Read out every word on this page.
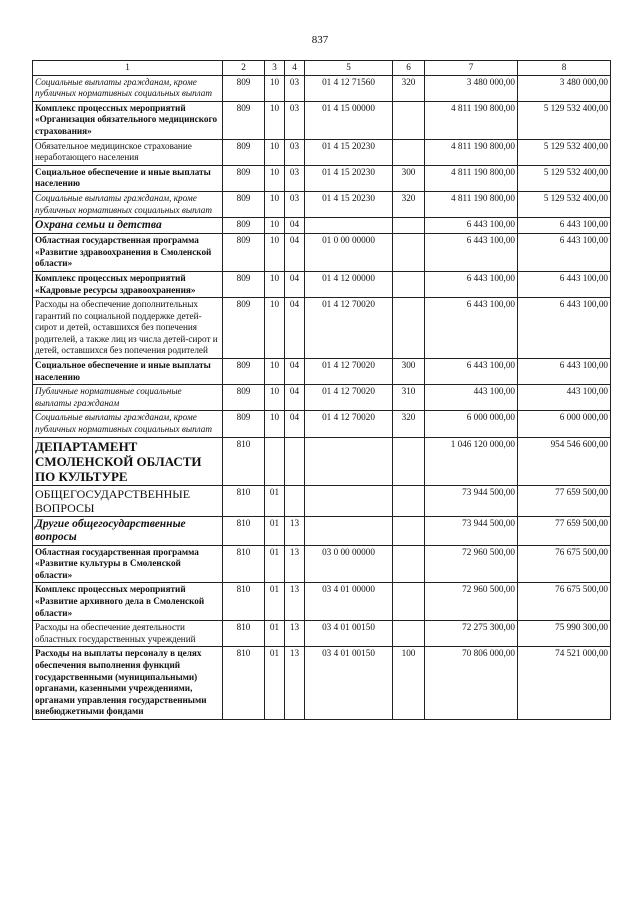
837
1	2	3	4	5	6	7	8
Социальные выплаты гражданам, кроме публичных нормативных социальных выплат	809	10	03	01 4 12 71560	320	3 480 000,00	3 480 000,00
Комплекс процессных мероприятий «Организация обязательного медицинского страхования»	809	10	03	01 4 15 00000		4 811 190 800,00	5 129 532 400,00
Обязательное медицинское страхование неработающего населения	809	10	03	01 4 15 20230		4 811 190 800,00	5 129 532 400,00
Социальное обеспечение и иные выплаты населению	809	10	03	01 4 15 20230	300	4 811 190 800,00	5 129 532 400,00
Социальные выплаты гражданам, кроме публичных нормативных социальных выплат	809	10	03	01 4 15 20230	320	4 811 190 800,00	5 129 532 400,00
Охрана семьи и детства	809	10	04			6 443 100,00	6 443 100,00
Областная государственная программа «Развитие здравоохранения в Смоленской области»	809	10	04	01 0 00 00000		6 443 100,00	6 443 100,00
Комплекс процессных мероприятий «Кадровые ресурсы здравоохранения»	809	10	04	01 4 12 00000		6 443 100,00	6 443 100,00
Расходы на обеспечение дополнительных гарантий по социальной поддержке детей-сирот и детей, оставшихся без попечения родителей, а также лиц из числа детей-сирот и детей, оставшихся без попечения родителей	809	10	04	01 4 12 70020		6 443 100,00	6 443 100,00
Социальное обеспечение и иные выплаты населению	809	10	04	01 4 12 70020	300	6 443 100,00	6 443 100,00
Публичные нормативные социальные выплаты гражданам	809	10	04	01 4 12 70020	310	443 100,00	443 100,00
Социальные выплаты гражданам, кроме публичных нормативных социальных выплат	809	10	04	01 4 12 70020	320	6 000 000,00	6 000 000,00
ДЕПАРТАМЕНТ СМОЛЕНСКОЙ ОБЛАСТИ ПО КУЛЬТУРЕ	810					1 046 120 000,00	954 546 600,00
ОБЩЕГОСУДАРСТВЕННЫЕ ВОПРОСЫ	810	01				73 944 500,00	77 659 500,00
Другие общегосударственные вопросы	810	01	13			73 944 500,00	77 659 500,00
Областная государственная программа «Развитие культуры в Смоленской области»	810	01	13	03 0 00 00000		72 960 500,00	76 675 500,00
Комплекс процессных мероприятий «Развитие архивного дела в Смоленской области»	810	01	13	03 4 01 00000		72 960 500,00	76 675 500,00
Расходы на обеспечение деятельности областных государственных учреждений	810	01	13	03 4 01 00150		72 275 300,00	75 990 300,00
Расходы на выплаты персоналу в целях обеспечения выполнения функций государственными (муниципальными) органами, казенными учреждениями, органами управления государственными внебюджетными фондами	810	01	13	03 4 01 00150	100	70 806 000,00	74 521 000,00
